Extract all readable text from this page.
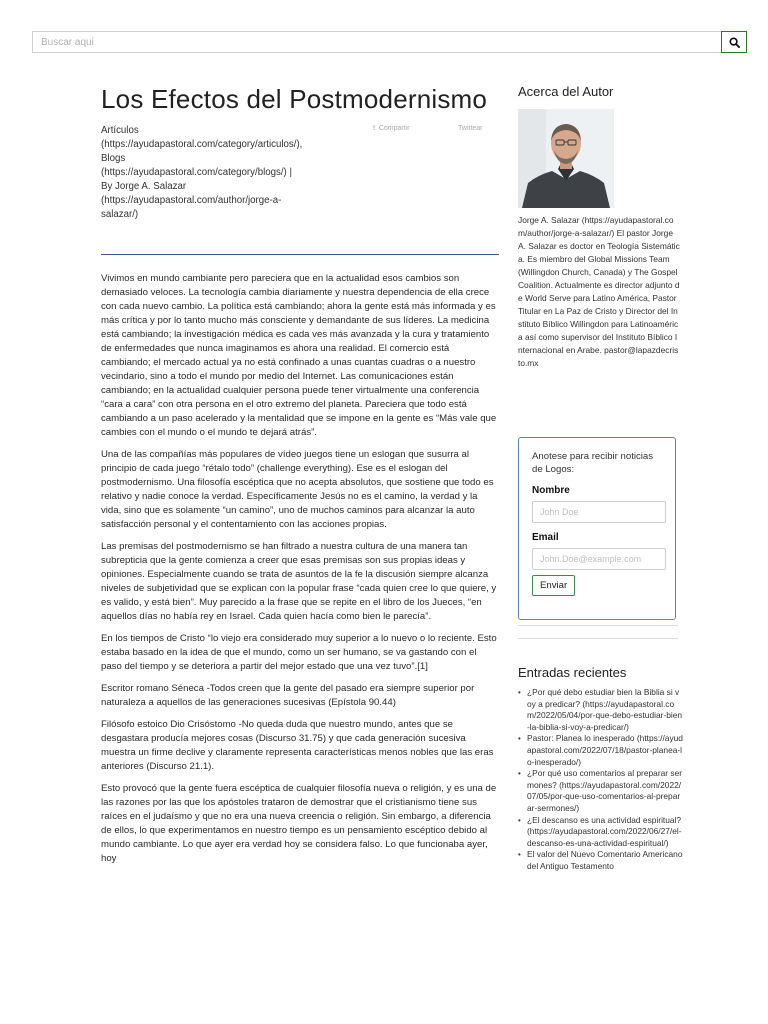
Buscar aqui
Los Efectos del Postmodernismo
Artículos (https://ayudapastoral.com/category/articulos/), Blogs (https://ayudapastoral.com/category/blogs/) | By Jorge A. Salazar (https://ayudapastoral.com/author/jorge-a-salazar/)
⇪ Compartir	Twittear

Vivimos en mundo cambiante pero pareciera que en la actualidad esos cambios son demasiado veloces. La tecnología cambia diariamente y nuestra dependencia de ella crece con cada nuevo cambio. La política está cambiando; ahora la gente está más informada y es más crítica y por lo tanto mucho más consciente y demandante de sus líderes. La medicina está cambiando; la investigación médica es cada ves más avanzada y la cura y tratamiento de enfermedades que nunca imaginamos es ahora una realidad. El comercio está cambiando; el mercado actual ya no está confinado a unas cuantas cuadras o a nuestro vecindario, sino a todo el mundo por medio del Internet. Las comunicaciones están cambiando; en la actualidad cualquier persona puede tener virtualmente una conferencia “cara a cara” con otra persona en el otro extremo del planeta. Pareciera que todo está cambiando a un paso acelerado y la mentalidad que se impone en la gente es “Más vale que cambies con el mundo o el mundo te dejará atrás”.

Una de las compañías más populares de vídeo juegos tiene un eslogan que susurra al principio de cada juego “rétalo todo” (challenge everything). Ese es el eslogan del postmodernismo. Una filosofía escéptica que no acepta absolutos, que sostiene que todo es relativo y nadie conoce la verdad. Específicamente Jesús no es el camino, la verdad y la vida, sino que es solamente “un camino”, uno de muchos caminos para alcanzar la auto satisfacción personal y el contentamiento con las acciones propias.

Las premisas del postmodernismo se han filtrado a nuestra cultura de una manera tan subrepticia que la gente comienza a creer que esas premisas son sus propias ideas y opiniones. Especialmente cuando se trata de asuntos de la fe la discusión siempre alcanza niveles de subjetividad que se explican con la popular frase “cada quien cree lo que quiere, y es valido, y está bien”. Muy parecido a la frase que se repite en el libro de los Jueces, “en aquellos días no había rey en Israel. Cada quien hacía como bien le parecía”.

En los tiempos de Cristo “lo viejo era considerado muy superior a lo nuevo o lo reciente. Esto estaba basado en la idea de que el mundo, como un ser humano, se va gastando con el paso del tiempo y se deteriora a partir del mejor estado que una vez tuvo”.[1]

Escritor romano Séneca -Todos creen que la gente del pasado era siempre superior por naturaleza a aquellos de las generaciones sucesivas (Epístola 90.44)

Filósofo estoico Dio Crisóstomo -No queda duda que nuestro mundo, antes que se desgastara producía mejores cosas (Discurso 31.75) y que cada generación sucesiva muestra un firme declive y claramente representa características menos nobles que las eras anteriores (Discurso 21.1).

Esto provocó que la gente fuera escéptica de cualquier filosofía nueva o religión, y es una de las razones por las que los apóstoles trataron de demostrar que el cristianismo tiene sus raíces en el judaísmo y que no era una nueva creencia o religión. Sin embargo, a diferencia de ellos, lo que experimentamos en nuestro tiempo es un pensamiento escéptico debido al mundo cambiante. Lo que ayer era verdad hoy se considera falso. Lo que funcionaba ayer, hoy

Acerca del Autor
Jorge A. Salazar (https://ayudapastoral.com/author/jorge-a-salazar/) El pastor Jorge A. Salazar es doctor en Teología Sistemática. Es miembro del Global Missions Team (Willingdon Church, Canada) y The Gospel Coalition. Actualmente es director adjunto de World Serve para Latino América, Pastor Titular en La Paz de Cristo y Director del Instituto Bíblico Willingdon para Latinoamérica así como supervisor del Instituto Bíblico Internacional en Arabe. pastor@lapazdecristo.mx
Anotese para recibir noticias de Logos:
Nombre
John Doe
Email
John.Doe@example.com Enviar
Entradas recientes
• ¿Por qué debo estudiar bien la Biblia si voy a predicar? (https://ayudapastoral.com/2022/05/04/por-que-debo-estudiar-bien-la-biblia-si-voy-a-predicar/)
• Pastor: Planea lo inesperado (https://ayudapastoral.com/2022/07/18/pastor-planea-lo-inesperado/)
• ¿Por qué uso comentarios al preparar sermones? (https://ayudapastoral.com/2022/07/05/por-que-uso-comentarios-al-preparar-sermones/)
• ¿El descanso es una actividad espiritual? (https://ayudapastoral.com/2022/06/27/el-descanso-es-una-actividad-espiritual/)
• El valor del Nuevo Comentario Americano del Antiguo Testamento
